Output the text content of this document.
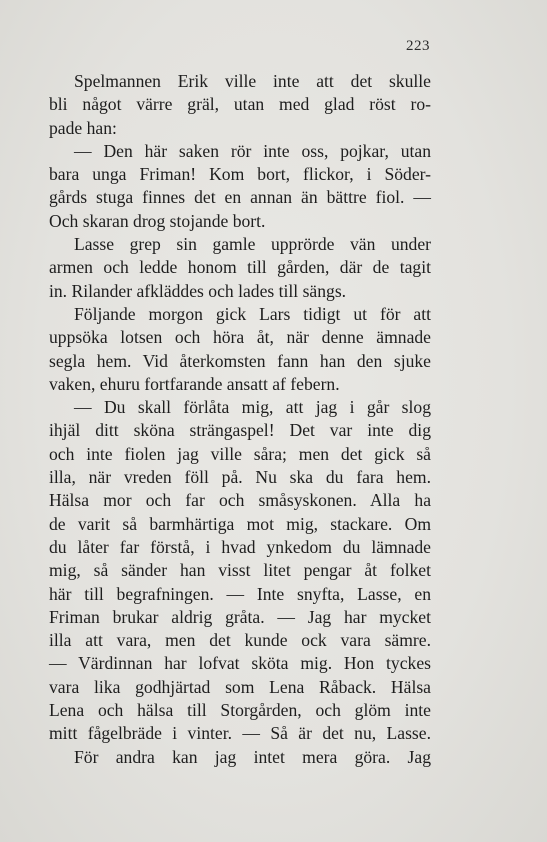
223
Spelmannen Erik ville inte att det skulle
bli något värre gräl, utan med glad röst ro-
pade han:
— Den här saken rör inte oss, pojkar, utan
bara unga Friman! Kom bort, flickor, i Söder-
gårds stuga finnes det en annan än bättre fiol. —
Och skaran drog stojande bort.
Lasse grep sin gamle upprörde vän under
armen och ledde honom till gården, där de tagit
in. Rilander afkläddes och lades till sängs.
Följande morgon gick Lars tidigt ut för att
uppsöka lotsen och höra åt, när denne ämnade
segla hem. Vid återkomsten fann han den sjuke
vaken, ehuru fortfarande ansatt af febern.
— Du skall förlåta mig, att jag i går slog
ihjäl ditt sköna strängaspel! Det var inte dig
och inte fiolen jag ville såra; men det gick så
illa, när vreden föll på. Nu ska du fara hem.
Hälsa mor och far och småsyskonen. Alla ha
de varit så barmhärtiga mot mig, stackare. Om
du låter far förstå, i hvad ynkedom du lämnade
mig, så sänder han visst litet pengar åt folket
här till begrafningen. — Inte snyfta, Lasse, en
Friman brukar aldrig gråta. — Jag har mycket
illa att vara, men det kunde ock vara sämre.
— Värdinnan har lofvat sköta mig. Hon tyckes
vara lika godhjärtad som Lena Råback. Hälsa
Lena och hälsa till Storgården, och glöm inte
mitt fågelbräde i vinter. — Så är det nu, Lasse.
För andra kan jag intet mera göra. Jag
